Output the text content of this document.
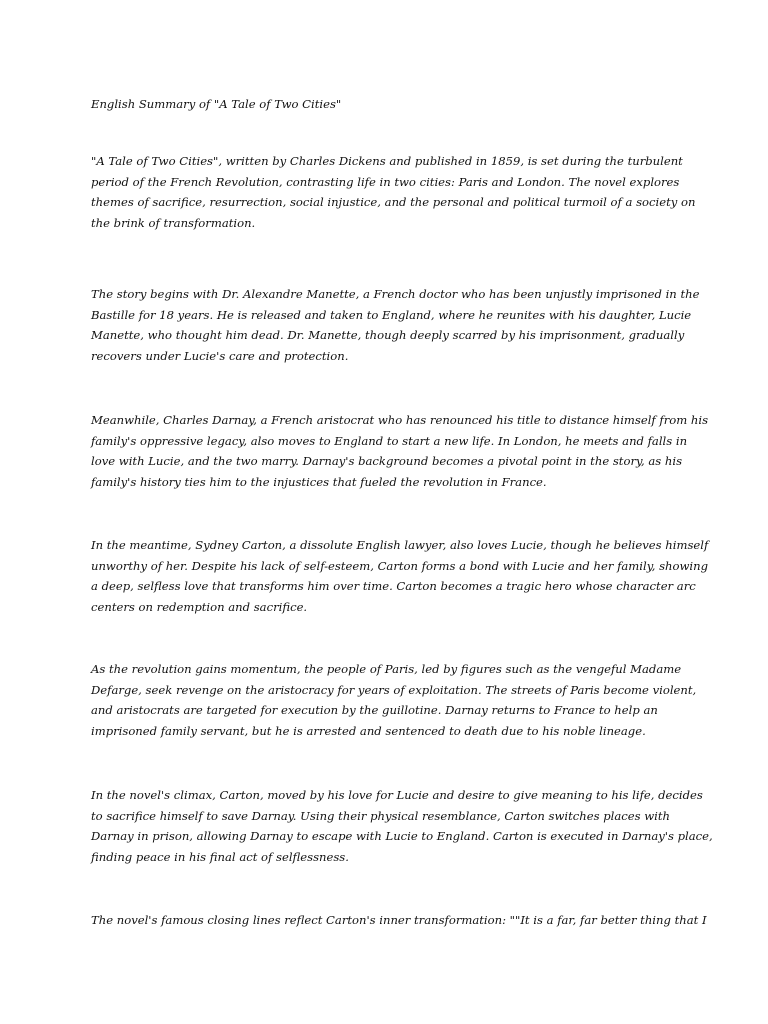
English Summary of "A Tale of Two Cities"

"A Tale of Two Cities", written by Charles Dickens and published in 1859, is set during the turbulent period of the French Revolution, contrasting life in two cities: Paris and London. The novel explores themes of sacrifice, resurrection, social injustice, and the personal and political turmoil of a society on the brink of transformation.

The story begins with Dr. Alexandre Manette, a French doctor who has been unjustly imprisoned in the Bastille for 18 years. He is released and taken to England, where he reunites with his daughter, Lucie Manette, who thought him dead. Dr. Manette, though deeply scarred by his imprisonment, gradually recovers under Lucie's care and protection.

Meanwhile, Charles Darnay, a French aristocrat who has renounced his title to distance himself from his family's oppressive legacy, also moves to England to start a new life. In London, he meets and falls in love with Lucie, and the two marry. Darnay's background becomes a pivotal point in the story, as his family's history ties him to the injustices that fueled the revolution in France.

In the meantime, Sydney Carton, a dissolute English lawyer, also loves Lucie, though he believes himself unworthy of her. Despite his lack of self-esteem, Carton forms a bond with Lucie and her family, showing a deep, selfless love that transforms him over time. Carton becomes a tragic hero whose character arc centers on redemption and sacrifice.

As the revolution gains momentum, the people of Paris, led by figures such as the vengeful Madame Defarge, seek revenge on the aristocracy for years of exploitation. The streets of Paris become violent, and aristocrats are targeted for execution by the guillotine. Darnay returns to France to help an imprisoned family servant, but he is arrested and sentenced to death due to his noble lineage.

In the novel's climax, Carton, moved by his love for Lucie and desire to give meaning to his life, decides to sacrifice himself to save Darnay. Using their physical resemblance, Carton switches places with Darnay in prison, allowing Darnay to escape with Lucie to England. Carton is executed in Darnay's place, finding peace in his final act of selflessness.

The novel's famous closing lines reflect Carton's inner transformation: ""It is a far, far better thing that I
